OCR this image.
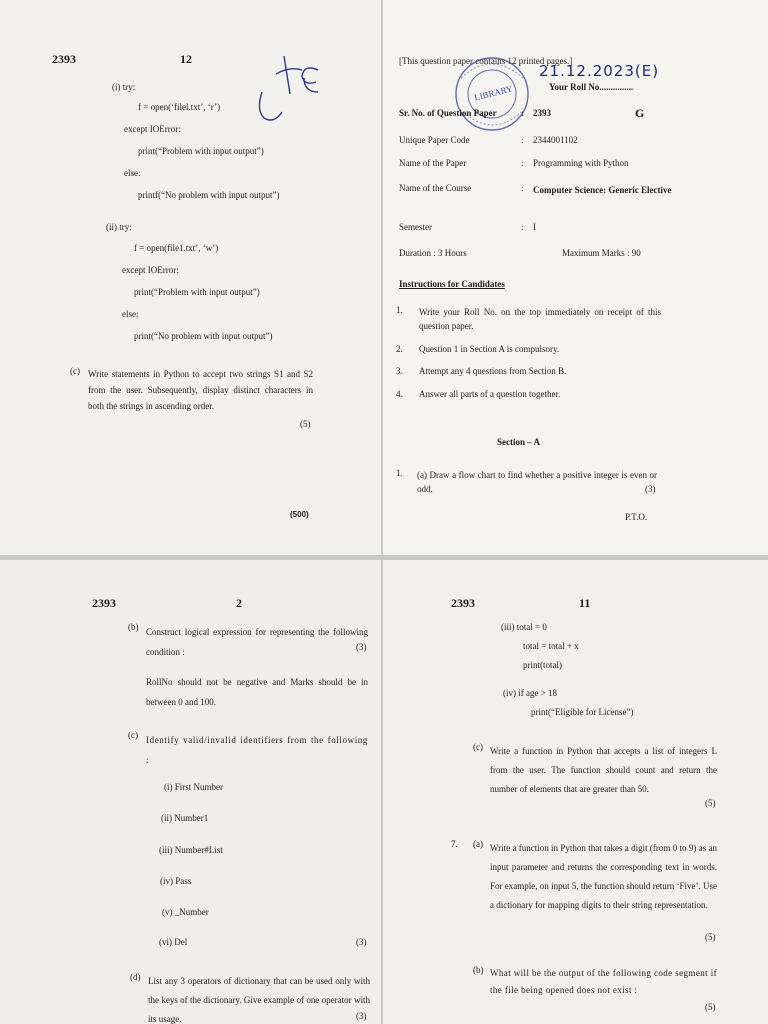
2393	12
(i) try:
f = open(‘filel.txt’, ‘r’)
except IOError:
print(“Problem with input output”)
else:
printf(“No problem with input output”)
(ii) try:
f = open(file1.txt’, ‘w’)
except IOError:
print(“Problem with input output”)
else:
print(“No problem with input output”)
(c) Write statements in Python to accept two strings S1 and S2 from the user. Subsequently, display distinct characters in both the strings in ascending order.
(5)
(500)
[This question paper contains 12 printed pages.]
LIBRARY
21.12.2023(E)
Your Roll No...............
Sr. No. of Question Paper	: 2393	G
Unique Paper Code	: 2344001102
Name of the Paper	: Programming with Python
Name of the Course	: Computer Science: Generic Elective
Semester	: I
Duration : 3 Hours	Maximum Marks : 90
Instructions for Candidates
1. Write your Roll No. on the top immediately on receipt of this question paper.
2. Question 1 in Section A is compulsory.
3. Attempt any 4 questions from Section B.
4. Answer all parts of a question together.
Section – A
1. (a) Draw a flow chart to find whether a positive integer is even or odd.	(3)
P.T.O.
2393	2
(b) Construct logical expression for representing the following condition :	(3)
RollNo should not be negative and Marks should be in between 0 and 100.
(c) Identify valid/invalid identifiers from the following :
(i) First Number
(ii) Number1
(iii) Number#List
(iv) Pass
(v) _Number
(vi) Del	(3)
(d) List any 3 operators of dictionary that can be used only with the keys of the dictionary. Give example of one operator with its usage.	(3)
2393	11
(iii) total = 0
total = total + x
print(total)
(iv) if age > 18
print(“Eligible for License”)
(c) Write a function in Python that accepts a list of integers L from the user. The function should count and return the number of elements that are greater than 50.
(5)
7. (a) Write a function in Python that takes a digit (from 0 to 9) as an input parameter and returns the corresponding text in words. For example, on input 5, the function should return ‘Five’. Use a dictionary for mapping digits to their string representation.
(5)
(b) What will be the output of the following code segment if the file being opened does not exist :
(5)
